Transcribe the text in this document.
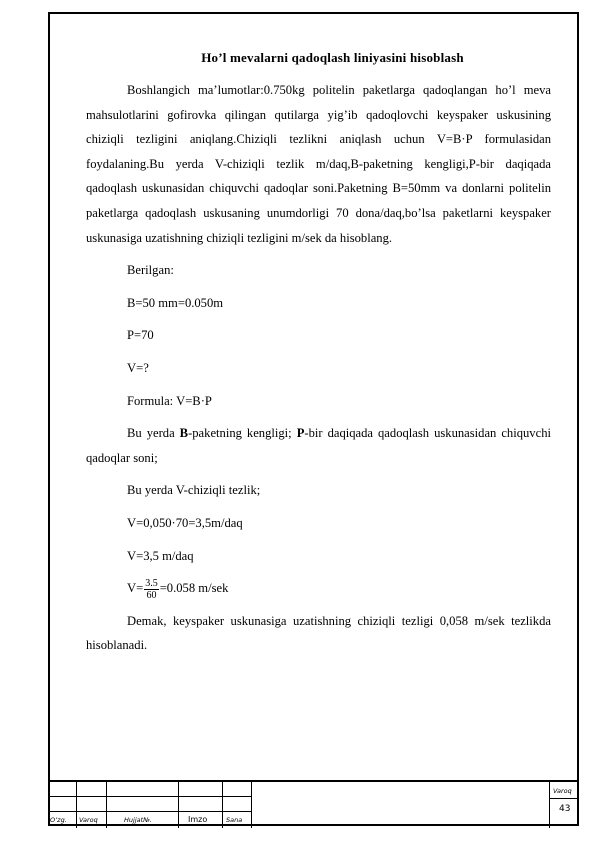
Ho’l mevalarni qadoqlash liniyasini hisoblash

Boshlangich ma’lumotlar:0.750kg politelin paketlarga qadoqlangan ho’l meva mahsulotlarini gofirovka qilingan qutilarga yig’ib qadoqlovchi keyspaker uskusining chiziqli tezligini aniqlang.Chiziqli tezlikni aniqlash uchun V=B·P formulasidan foydalaning.Bu yerda V-chiziqli tezlik m/daq,B-paketning kengligi,P-bir daqiqada qadoqlash uskunasidan chiquvchi qadoqlar soni.Paketning B=50mm va donlarni politelin paketlarga qadoqlash uskusaning unumdorligi 70 dona/daq,bo’lsa paketlarni keyspaker uskunasiga uzatishning chiziqli tezligini m/sek da hisoblang.

Berilgan:

B=50 mm=0.050m

P=70

V=?

Formula: V=B·P

Bu yerda B-paketning kengligi; P-bir daqiqada qadoqlash uskunasidan chiquvchi qadoqlar soni;

Bu yerda V-chiziqli tezlik;

V=0,050·70=3,5m/daq

V=3,5 m/daq

$V= \frac{3.5}{60} =0.058$ m/sek

Demak, keyspaker uskunasiga uzatishning chiziqli tezligi 0,058 m/sek tezlikda hisoblanadi.

O’zg. Varoq	Hujjat№.	Imzo	Sana
Varoq
43
